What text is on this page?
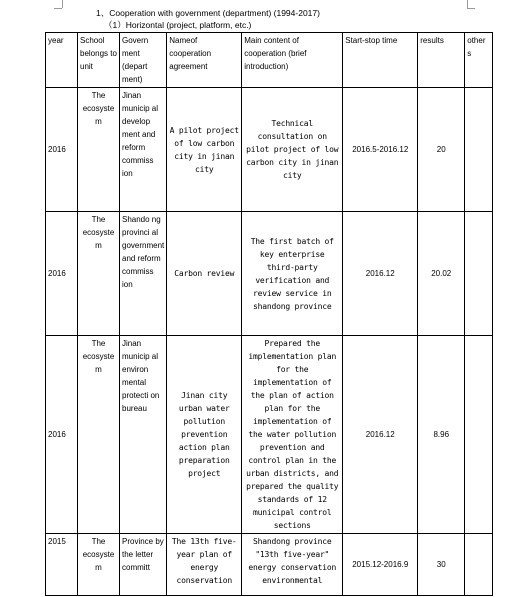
1、Cooperation with government (department) (1994-2017)
（1）Horizontal (project, platform, etc.)
year	School belongs to unit	Govern ment (depart ment)	Nameof cooperation agreement	Main content of cooperation (brief introduction)	Start-stop time	results	other s

2016	The ecosyste m	Jinan municip al develop ment and reform commiss ion	A pilot project of low carbon city in jinan city	Technical consultation on pilot project of low carbon city in jinan city	2016.5-2016.12	20	

2016	The ecosyste m	Shando ng provinci al government and reform commiss ion	Carbon review	The first batch of key enterprise third-party verification and review service in shandong province	2016.12	20.02	

2016	The ecosyste m	Jinan municip al environ mental protecti on bureau	Jinan city urban water pollution prevention action plan preparation project	Prepared the implementation plan for the implementation of the plan of action plan for the implementation of the water pollution prevention and control plan in the urban districts, and prepared the quality standards of 12 municipal control sections	2016.12	8.96	

2015	The ecosyste m	Province by the letter committ	The 13th five-year plan of energy conservation	Shandong province "13th five-year" energy conservation environmental	2015.12-2016.9	30	
